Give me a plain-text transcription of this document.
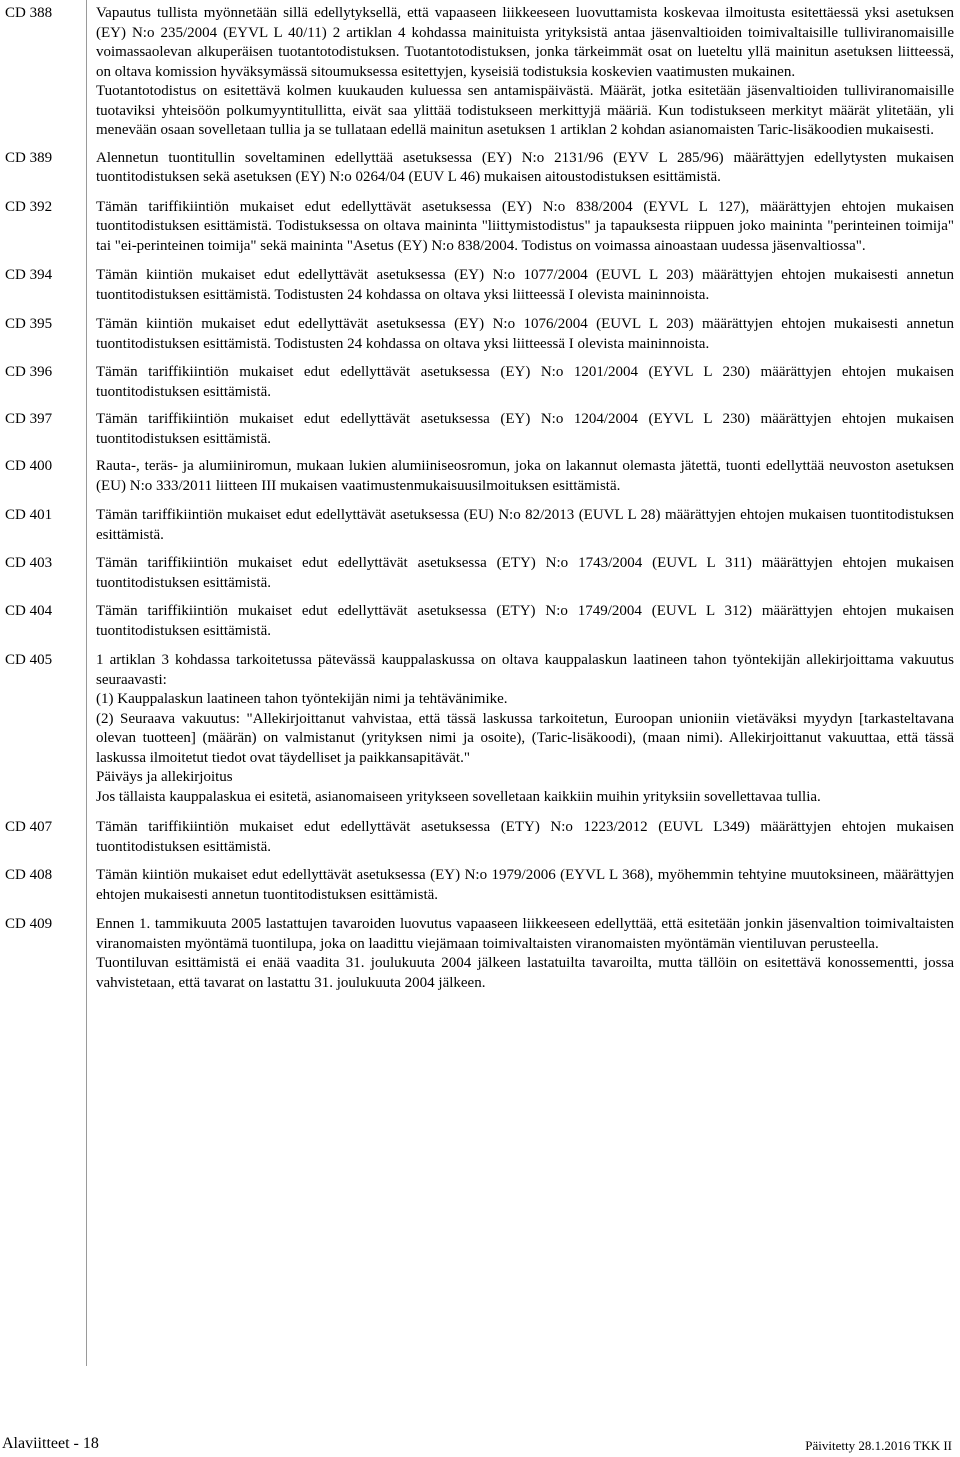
CD 388	Vapautus tullista myönnetään sillä edellytyksellä, että vapaaseen liikkeeseen luovuttamista koskevaa ilmoitusta esitettäessä yksi asetuksen (EY) N:o 235/2004 (EYVL L 40/11) 2 artiklan 4 kohdassa mainituista yrityksistä antaa jäsenvaltioiden toimivaltaisille tulliviranomaisille voimassaolevan alkuperäisen tuotantotodistuksen. Tuotantotodistuksen, jonka tärkeimmät osat on lueteltu yllä mainitun asetuksen liitteessä, on oltava komission hyväksymässä sitoumuksessa esitettyjen, kyseisiä todistuksia koskevien vaatimusten mukainen.

Tuotantotodistus on esitettävä kolmen kuukauden kuluessa sen antamispäivästä. Määrät, jotka esitetään jäsenvaltioiden tulliviranomaisille tuotaviksi yhteisöön polkumyyntitullitta, eivät saa ylittää todistukseen merkittyjä määriä. Kun todistukseen merkityt määrät ylitetään, yli menevään osaan sovelletaan tullia ja se tullataan edellä mainitun asetuksen 1 artiklan 2 kohdan asianomaisten Taric-lisäkoodien mukaisesti.

CD 389	Alennetun tuontitullin soveltaminen edellyttää asetuksessa (EY) N:o 2131/96 (EYV L 285/96) määrättyjen edellytysten mukaisen tuontitodistuksen sekä asetuksen (EY) N:o 0264/04 (EUV L 46) mukaisen aitoustodistuksen esittämistä.

CD 392	Tämän tariffikiintiön mukaiset edut edellyttävät asetuksessa (EY) N:o 838/2004 (EYVL L 127), määrättyjen ehtojen mukaisen tuontitodistuksen esittämistä. Todistuksessa on oltava maininta "liittymistodistus" ja tapauksesta riippuen joko maininta "perinteinen toimija" tai "ei-perinteinen toimija" sekä maininta "Asetus (EY) N:o 838/2004. Todistus on voimassa ainoastaan uudessa jäsenvaltiossa".

CD 394	Tämän kiintiön mukaiset edut edellyttävät asetuksessa (EY) N:o 1077/2004 (EUVL L 203) määrättyjen ehtojen mukaisesti annetun tuontitodistuksen esittämistä. Todistusten 24 kohdassa on oltava yksi liitteessä I olevista maininnoista.

CD 395	Tämän kiintiön mukaiset edut edellyttävät asetuksessa (EY) N:o 1076/2004 (EUVL L 203) määrättyjen ehtojen mukaisesti annetun tuontitodistuksen esittämistä. Todistusten 24 kohdassa on oltava yksi liitteessä I olevista maininnoista.

CD 396	Tämän tariffikiintiön mukaiset edut edellyttävät asetuksessa (EY) N:o 1201/2004 (EYVL L 230) määrättyjen ehtojen mukaisen tuontitodistuksen esittämistä.

CD 397	Tämän tariffikiintiön mukaiset edut edellyttävät asetuksessa (EY) N:o 1204/2004 (EYVL L 230) määrättyjen ehtojen mukaisen tuontitodistuksen esittämistä.

CD 400	Rauta-, teräs- ja alumiiniromun, mukaan lukien alumiiniseosromun, joka on lakannut olemasta jätettä, tuonti edellyttää neuvoston asetuksen (EU) N:o 333/2011 liitteen III mukaisen vaatimustenmukaisuusilmoituksen esittämistä.

CD 401	Tämän tariffikiintiön mukaiset edut edellyttävät asetuksessa (EU) N:o 82/2013 (EUVL L 28) määrättyjen ehtojen mukaisen tuontitodistuksen esittämistä.

CD 403	Tämän tariffikiintiön mukaiset edut edellyttävät asetuksessa (ETY) N:o 1743/2004 (EUVL L 311) määrättyjen ehtojen mukaisen tuontitodistuksen esittämistä.

CD 404	Tämän tariffikiintiön mukaiset edut edellyttävät asetuksessa (ETY) N:o 1749/2004 (EUVL L 312) määrättyjen ehtojen mukaisen tuontitodistuksen esittämistä.

CD 405	1 artiklan 3 kohdassa tarkoitetussa pätevässä kauppalaskussa on oltava kauppalaskun laatineen tahon työntekijän allekirjoittama vakuutus seuraavasti:

(1) Kauppalaskun laatineen tahon työntekijän nimi ja tehtävänimike.

(2) Seuraava vakuutus: "Allekirjoittanut vahvistaa, että tässä laskussa tarkoitetun, Euroopan unioniin vietäväksi myydyn [tarkasteltavana olevan tuotteen] (määrän) on valmistanut (yrityksen nimi ja osoite), (Taric-lisäkoodi), (maan nimi). Allekirjoittanut vakuuttaa, että tässä laskussa ilmoitetut tiedot ovat täydelliset ja paikkansapitävät."

Päiväys ja allekirjoitus

Jos tällaista kauppalaskua ei esitetä, asianomaiseen yritykseen sovelletaan kaikkiin muihin yrityksiin sovellettavaa tullia.

CD 407	Tämän tariffikiintiön mukaiset edut edellyttävät asetuksessa (ETY) N:o 1223/2012 (EUVL L349) määrättyjen ehtojen mukaisen tuontitodistuksen esittämistä.

CD 408	Tämän kiintiön mukaiset edut edellyttävät asetuksessa (EY) N:o 1979/2006 (EYVL L 368), myöhemmin tehtyine muutoksineen, määrättyjen ehtojen mukaisesti annetun tuontitodistuksen esittämistä.

CD 409	Ennen 1. tammikuuta 2005 lastattujen tavaroiden luovutus vapaaseen liikkeeseen edellyttää, että esitetään jonkin jäsenvaltion toimivaltaisten viranomaisten myöntämä tuontilupa, joka on laadittu viejämaan toimivaltaisten viranomaisten myöntämän vientiluvan perusteella.

Tuontiluvan esittämistä ei enää vaadita 31. joulukuuta 2004 jälkeen lastatuilta tavaroilta, mutta tällöin on esitettävä konossementti, jossa vahvistetaan, että tavarat on lastattu 31. joulukuuta 2004 jälkeen.

Alaviitteet - 18	Päivitetty 28.1.2016 TKK II
